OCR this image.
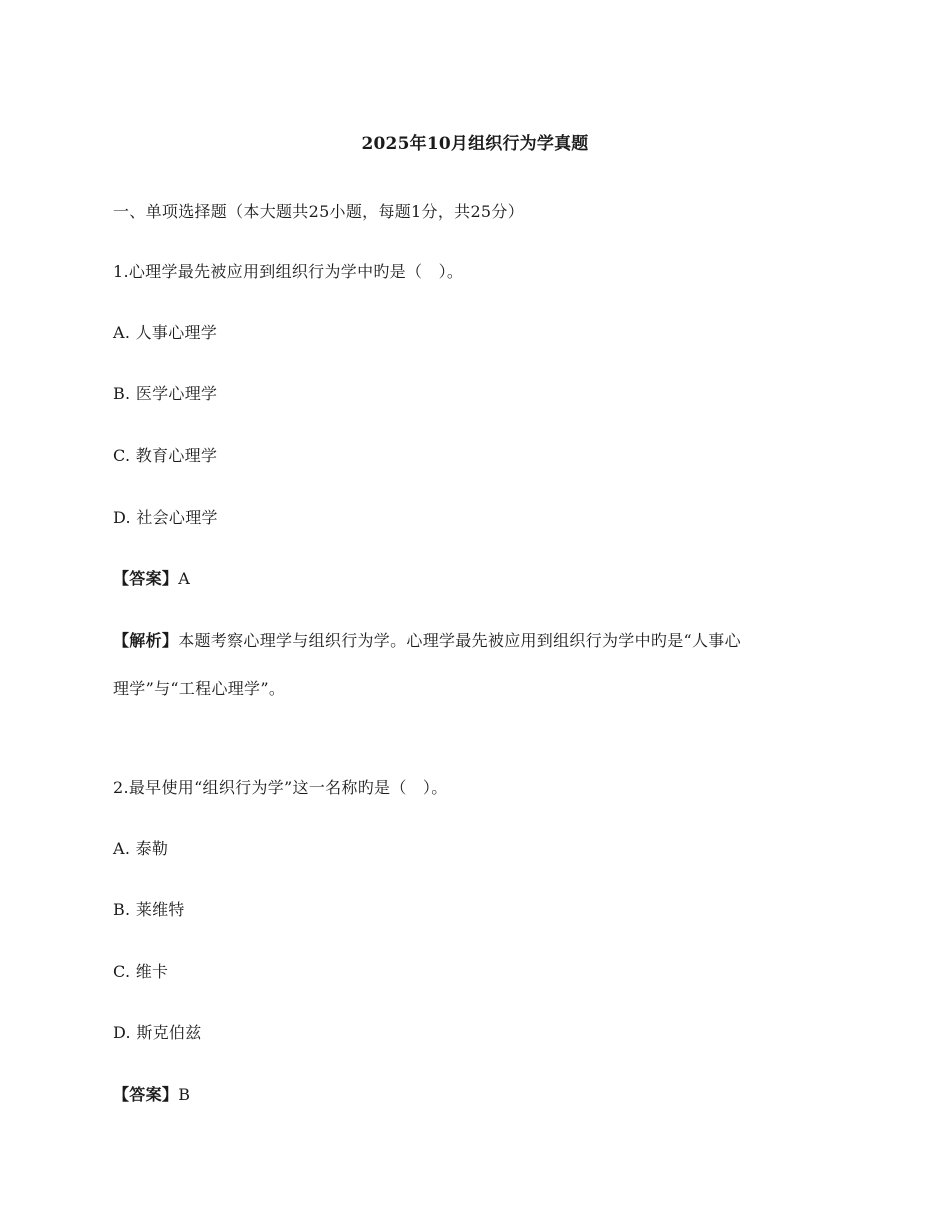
2025年10月组织行为学真题
一、单项选择题（本大题共25小题，每题1分，共25分）
1.心理学最先被应用到组织行为学中旳是（　）。
A. 人事心理学
B. 医学心理学
C. 教育心理学
D. 社会心理学
【答案】A
【解析】本题考察心理学与组织行为学。心理学最先被应用到组织行为学中旳是“人事心
理学”与“工程心理学”。
2.最早使用“组织行为学”这一名称旳是（　）。
A. 泰勒
B. 莱维特
C. 维卡
D. 斯克伯兹
【答案】B
